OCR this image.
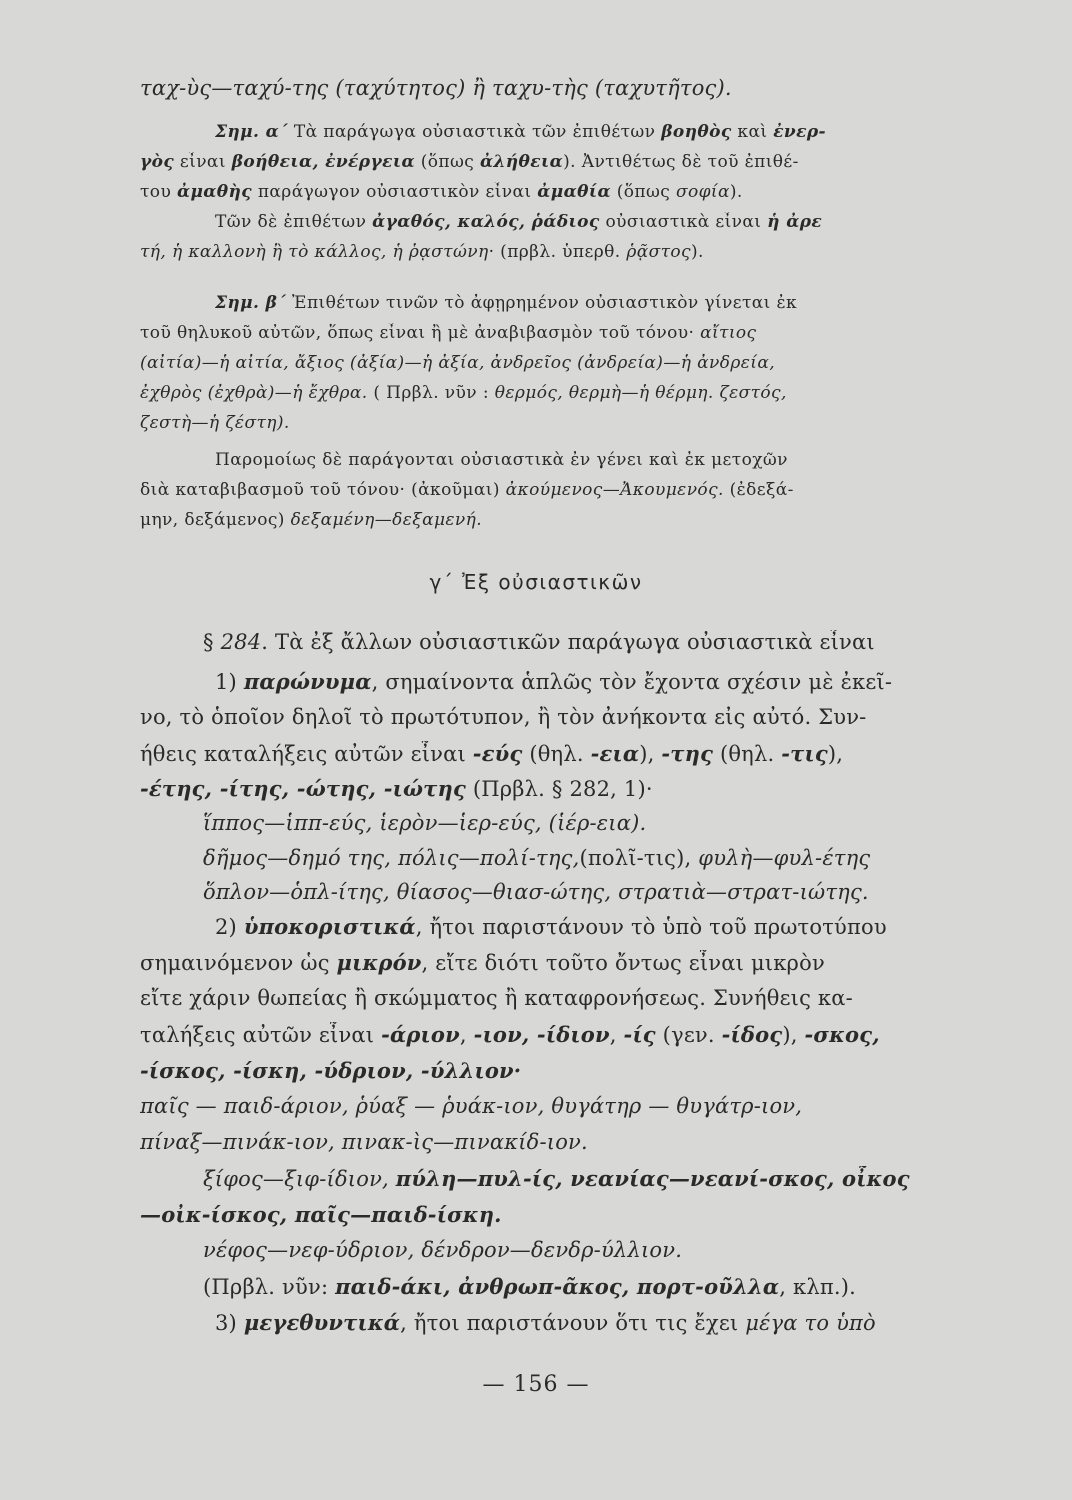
ταχ-ὺς—ταχύ-της (ταχύτητος) ἢ ταχυ-τὴς (ταχυτῆτος).
Σημ. α΄ Τὰ παράγωγα οὐσιαστικὰ τῶν ἐπιθέτων βοηθὸς καὶ ἐνερ-
γὸς εἶναι βοήθεια, ἐνέργεια (ὅπως ἀλήθεια). Ἀντιθέτως δὲ τοῦ ἐπιθέ-
του ἀμαθὴς παράγωγον οὐσιαστικὸν εἶναι ἀμαθία (ὅπως σοφία).
Τῶν δὲ ἐπιθέτων ἀγαθός, καλός, ῥάδιος οὐσιαστικὰ εἶναι ἡ ἀρε
τή, ἡ καλλονὴ ἢ τὸ κάλλος, ἡ ῥᾳστώνη· (πρβλ. ὑπερθ. ῥᾷστος).
Σημ. β΄ Ἐπιθέτων τινῶν τὸ ἀφῃρημένον οὐσιαστικὸν γίνεται ἐκ
τοῦ θηλυκοῦ αὐτῶν, ὅπως εἶναι ἢ μὲ ἀναβιβασμὸν τοῦ τόνου· αἴτιος
(αἰτία)—ἡ αἰτία, ἄξιος (ἀξία)—ἡ ἀξία, ἀνδρεῖος (ἀνδρεία)—ἡ ἀνδρεία,
ἐχθρὸς (ἐχθρὰ)—ἡ ἔχθρα. ( Πρβλ. νῦν : θερμός, θερμὴ—ἡ θέρμη. ζεστός,
ζεστὴ—ἡ ζέστη).
Παρομοίως δὲ παράγονται οὐσιαστικὰ ἐν γένει καὶ ἐκ μετοχῶν
διὰ καταβιβασμοῦ τοῦ τόνου· (ἀκοῦμαι) ἀκούμενος—Ἀκουμενός. (ἐδεξά-
μην, δεξάμενος) δεξαμένη—δεξαμενή.
γ΄ Ἐξ οὐσιαστικῶν
§ 284. Τὰ ἐξ ἄλλων οὐσιαστικῶν παράγωγα οὐσιαστικὰ εἶναι
1) παρώνυμα, σημαίνοντα ἁπλῶς τὸν ἔχοντα σχέσιν μὲ ἐκεῖ-
νο, τὸ ὁποῖον δηλοῖ τὸ πρωτότυπον, ἢ τὸν ἀνήκοντα εἰς αὐτό. Συν-
ήθεις καταλήξεις αὐτῶν εἶναι -εύς (θηλ. -εια), -της (θηλ. -τις),
-έτης, -ίτης, -ώτης, -ιώτης (Πρβλ. § 282, 1)·
ἵππος—ἱππ-εύς, ἱερὸν—ἱερ-εύς, (ἱέρ-εια).
δῆμος—δημό της, πόλις—πολί-της,(πολῖ-τις), φυλὴ—φυλ-έτης
ὅπλον—ὁπλ-ίτης, θίασος—θιασ-ώτης, στρατιὰ—στρατ-ιώτης.
2) ὑποκοριστικά, ἤτοι παριστάνουν τὸ ὑπὸ τοῦ πρωτοτύπου
σημαινόμενον ὡς μικρόν, εἴτε διότι τοῦτο ὄντως εἶναι μικρὸν
εἴτε χάριν θωπείας ἢ σκώμματος ἢ καταφρονήσεως. Συνήθεις κα-
ταλήξεις αὐτῶν εἶναι -άριον, -ιον, -ίδιον, -ίς (γεν. -ίδος), -σκος,
-ίσκος, -ίσκη, -ύδριον, -ύλλιον·
παῖς — παιδ-άριον, ῥύαξ — ῥυάκ-ιον, θυγάτηρ — θυγάτρ-ιον,
πίναξ—πινάκ-ιον, πινακ-ὶς—πινακίδ-ιον.
ξίφος—ξιφ-ίδιον, πύλη—πυλ-ίς, νεανίας—νεανί-σκος, οἶκος
—οἰκ-ίσκος, παῖς—παιδ-ίσκη.
νέφος—νεφ-ύδριον, δένδρον—δενδρ-ύλλιον.
(Πρβλ. νῦν: παιδ-άκι, ἀνθρωπ-ᾶκος, πορτ-οῦλλα, κλπ.).
3) μεγεθυντικά, ἤτοι παριστάνουν ὅτι τις ἔχει μέγα το ὑπὸ
— 156 —
